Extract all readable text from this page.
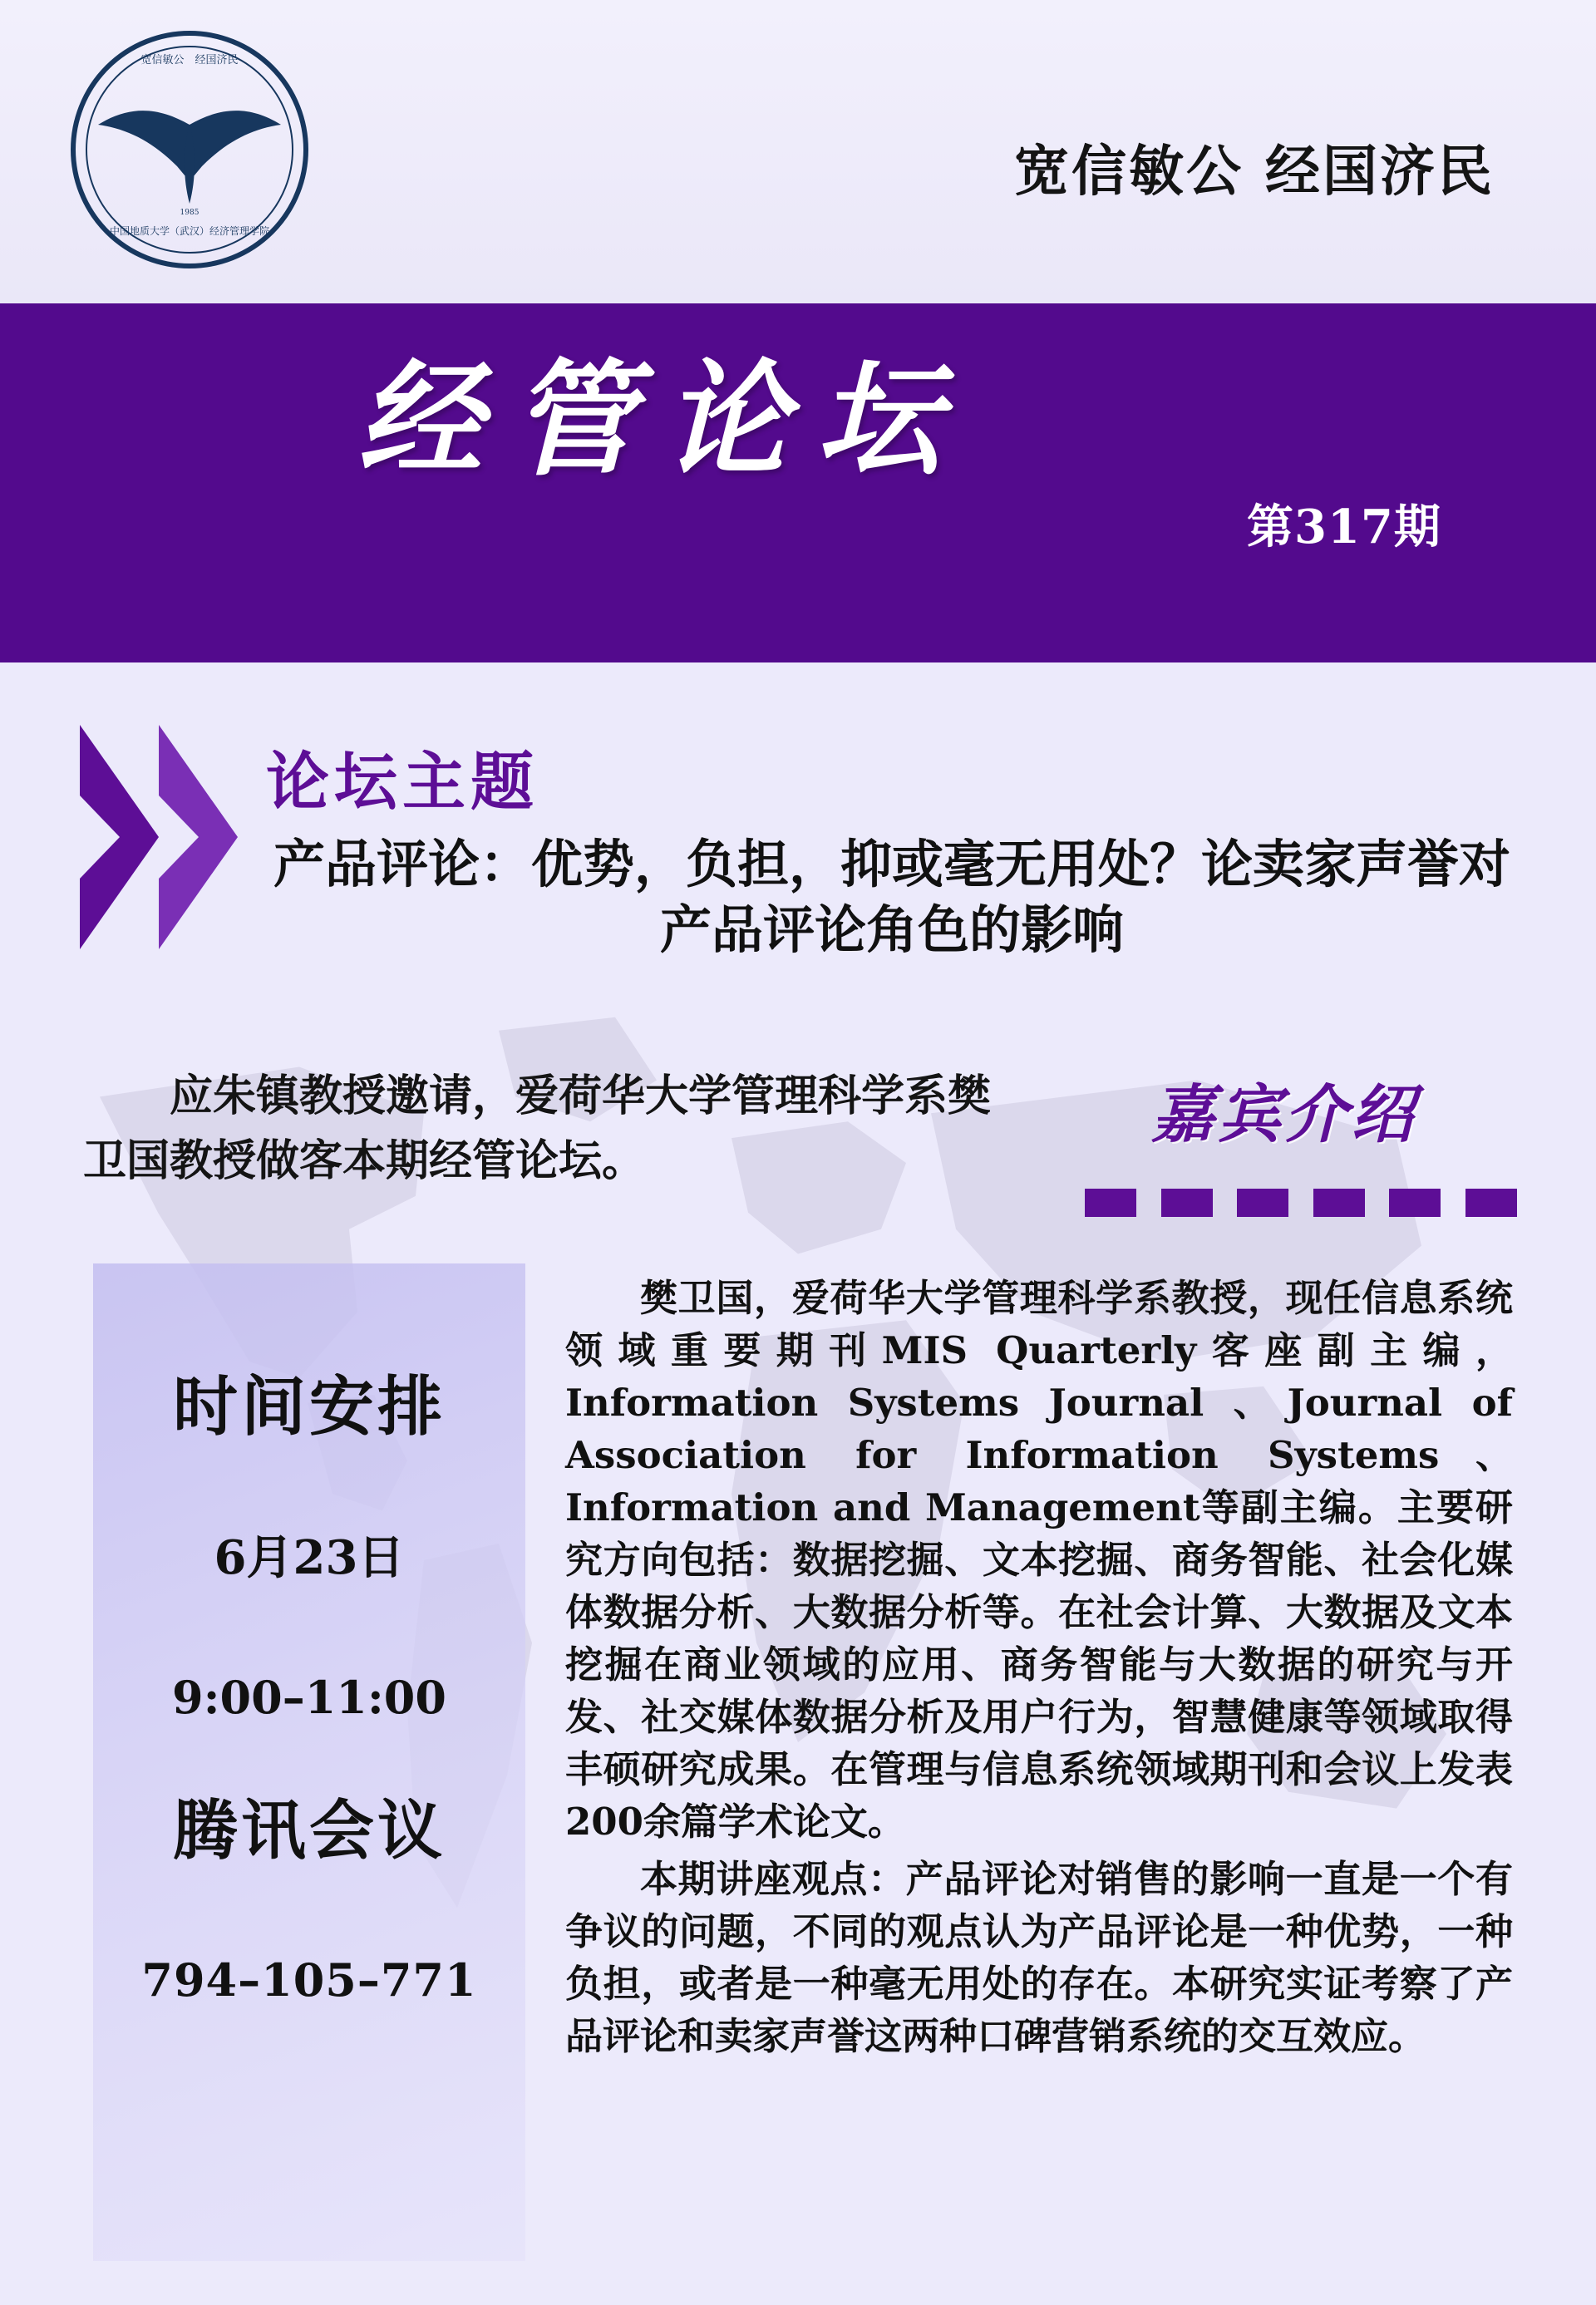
宽信敏公　经国济民
中国地质大学（武汉）经济管理学院
1985
宽信敏公 经国济民
经管论坛
第317期
论坛主题
产品评论：优势，负担，抑或毫无用处？论卖家声誉对产品评论角色的影响
应朱镇教授邀请，爱荷华大学管理科学系樊卫国教授做客本期经管论坛。
嘉宾介绍
时间安排
6月23日
9:00–11:00
腾讯会议
794–105–771

樊卫国，爱荷华大学管理科学系教授，现任信息系统领域重要期刊MIS Quarterly客座副主编，Information Systems Journal 、Journal of Association for Information Systems、Information and Management等副主编。主要研究方向包括：数据挖掘、文本挖掘、商务智能、社会化媒体数据分析、大数据分析等。在社会计算、大数据及文本挖掘在商业领域的应用、商务智能与大数据的研究与开发、社交媒体数据分析及用户行为，智慧健康等领域取得丰硕研究成果。在管理与信息系统领域期刊和会议上发表200余篇学术论文。

本期讲座观点：产品评论对销售的影响一直是一个有争议的问题，不同的观点认为产品评论是一种优势，一种负担，或者是一种毫无用处的存在。本研究实证考察了产品评论和卖家声誉这两种口碑营销系统的交互效应。
